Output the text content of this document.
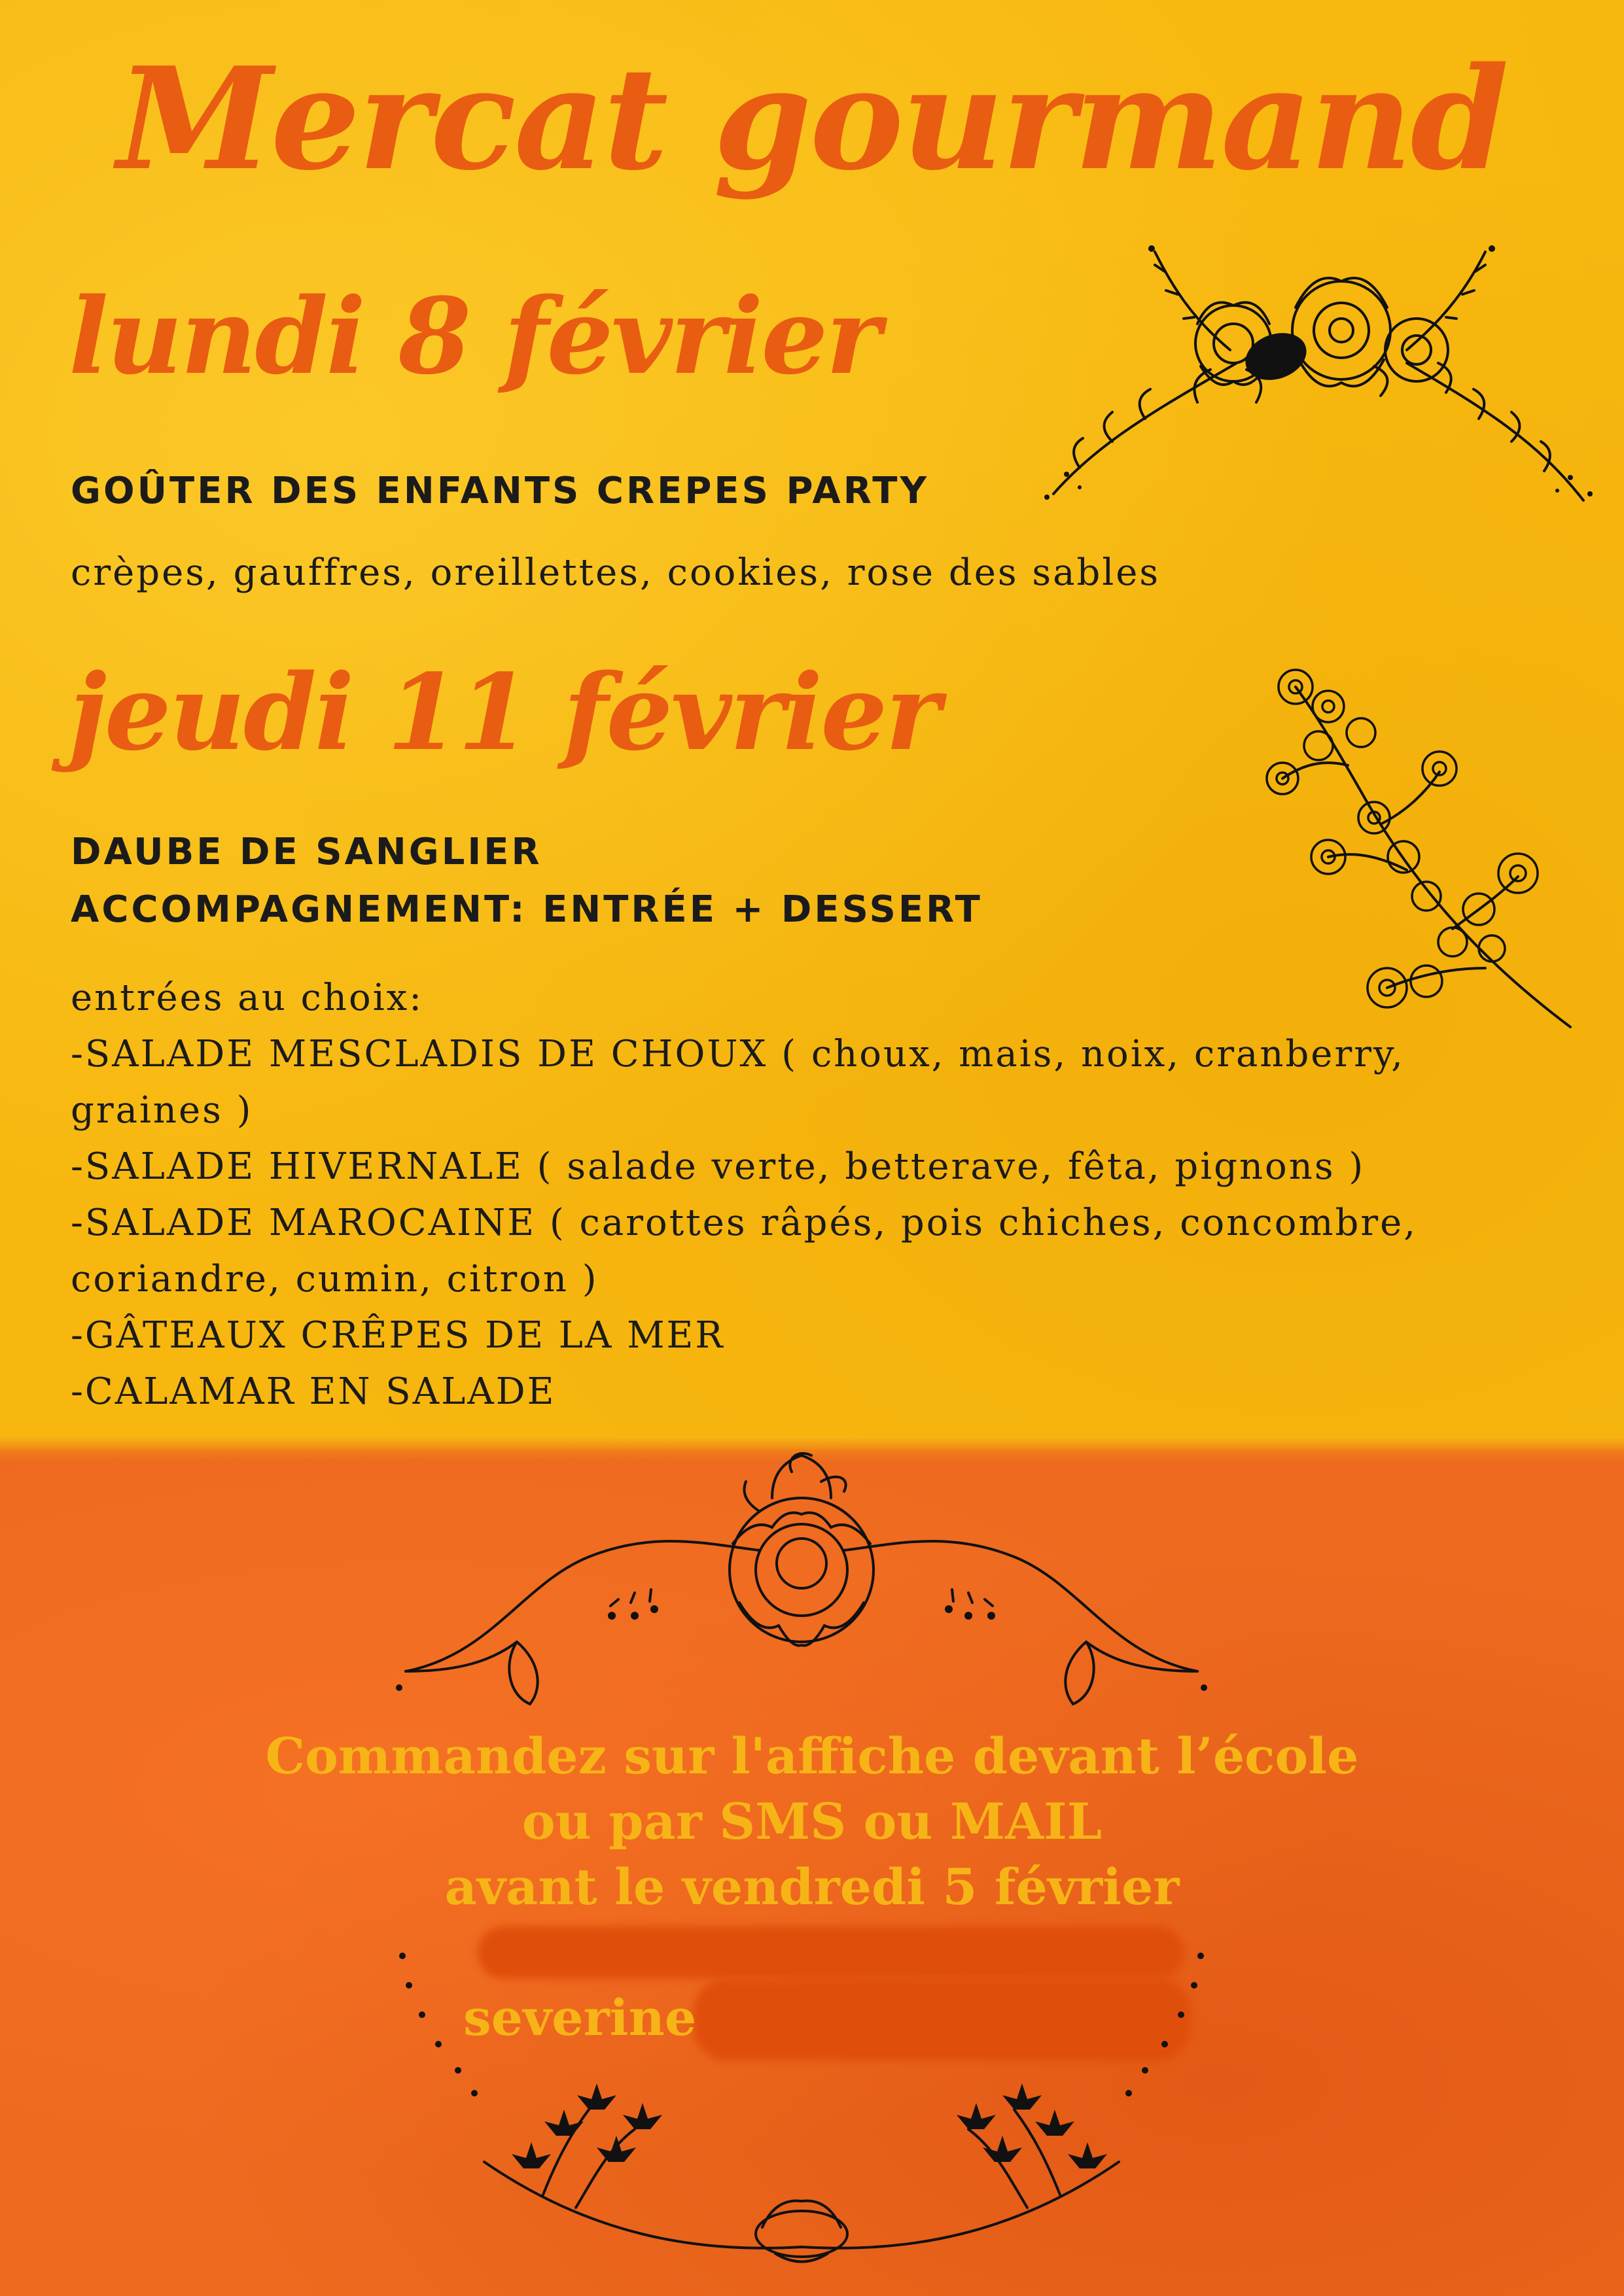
Mercat gourmand
lundi 8 février
GOÛTER DES ENFANTS CREPES PARTY
crèpes, gauffres, oreillettes, cookies, rose des sables
jeudi 11 février
DAUBE DE SANGLIER
ACCOMPAGNEMENT: ENTRÉE + DESSERT
entrées au choix:
-SALADE MESCLADIS DE CHOUX ( choux, mais, noix, cranberry,
graines )
-SALADE HIVERNALE ( salade verte, betterave, fêta, pignons )
-SALADE MAROCAINE ( carottes râpés, pois chiches, concombre,
coriandre, cumin, citron )
-GÂTEAUX CRÊPES DE LA MER
-CALAMAR EN SALADE
Commandez sur l'affiche devant l’école
ou par SMS ou MAIL
avant le vendredi 5 février
severine
